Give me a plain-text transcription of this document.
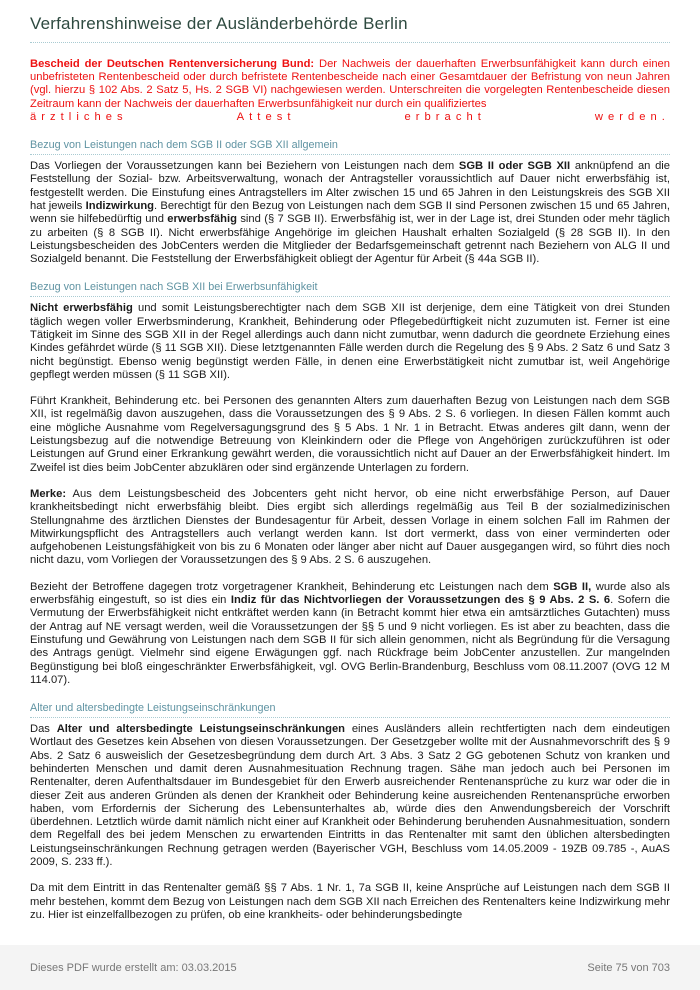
Verfahrenshinweise der Ausländerbehörde Berlin

Bescheid der Deutschen Rentenversicherung Bund: Der Nachweis der dauerhaften Erwerbsunfähigkeit kann durch einen unbefristeten Rentenbescheid oder durch befristete Rentenbescheide nach einer Gesamtdauer der Befristung von neun Jahren (vgl. hierzu § 102 Abs. 2 Satz 5, Hs. 2 SGB VI) nachgewiesen werden. Unterschreiten die vorgelegten Rentenbescheide diesen Zeitraum kann der Nachweis der dauerhaften Erwerbsunfähigkeit nur durch ein qualifiziertes

ärztliches	Attest	erbracht	werden.
Bezug von Leistungen nach dem SGB II oder SGB XII allgemein

Das Vorliegen der Voraussetzungen kann bei Beziehern von Leistungen nach dem SGB II oder SGB XII anknüpfend an die Feststellung der Sozial- bzw. Arbeitsverwaltung, wonach der Antragsteller voraussichtlich auf Dauer nicht erwerbsfähig ist, festgestellt werden. Die Einstufung eines Antragstellers im Alter zwischen 15 und 65 Jahren in den Leistungskreis des SGB XII hat jeweils Indizwirkung. Berechtigt für den Bezug von Leistungen nach dem SGB II sind Personen zwischen 15 und 65 Jahren, wenn sie hilfebedürftig und erwerbsfähig sind (§ 7 SGB II). Erwerbsfähig ist, wer in der Lage ist, drei Stunden oder mehr täglich zu arbeiten (§ 8 SGB II). Nicht erwerbsfähige Angehörige im gleichen Haushalt erhalten Sozialgeld (§ 28 SGB II). In den Leistungsbescheiden des JobCenters werden die Mitglieder der Bedarfsgemeinschaft getrennt nach Beziehern von ALG II und Sozialgeld benannt. Die Feststellung der Erwerbsfähigkeit obliegt der Agentur für Arbeit (§ 44a SGB II).

Bezug von Leistungen nach SGB XII bei Erwerbsunfähigkeit

Nicht erwerbsfähig und somit Leistungsberechtigter nach dem SGB XII ist derjenige, dem eine Tätigkeit von drei Stunden täglich wegen voller Erwerbsminderung, Krankheit, Behinderung oder Pflegebedürftigkeit nicht zuzumuten ist. Ferner ist eine Tätigkeit im Sinne des SGB XII in der Regel allerdings auch dann nicht zumutbar, wenn dadurch die geordnete Erziehung eines Kindes gefährdet würde (§ 11 SGB XII). Diese letztgenannten Fälle werden durch die Regelung des § 9 Abs. 2 Satz 6 und Satz 3 nicht begünstigt. Ebenso wenig begünstigt werden Fälle, in denen eine Erwerbstätigkeit nicht zumutbar ist, weil Angehörige gepflegt werden müssen (§ 11 SGB XII).

Führt Krankheit, Behinderung etc. bei Personen des genannten Alters zum dauerhaften Bezug von Leistungen nach dem SGB XII, ist regelmäßig davon auszugehen, dass die Voraussetzungen des § 9 Abs. 2 S. 6 vorliegen. In diesen Fällen kommt auch eine mögliche Ausnahme vom Regelversagungsgrund des § 5 Abs. 1 Nr. 1 in Betracht. Etwas anderes gilt dann, wenn der Leistungsbezug auf die notwendige Betreuung von Kleinkindern oder die Pflege von Angehörigen zurückzuführen ist oder Leistungen auf Grund einer Erkrankung gewährt werden, die voraussichtlich nicht auf Dauer an der Erwerbsfähigkeit hindert. Im Zweifel ist dies beim JobCenter abzuklären oder sind ergänzende Unterlagen zu fordern.

Merke: Aus dem Leistungsbescheid des Jobcenters geht nicht hervor, ob eine nicht erwerbsfähige Person, auf Dauer krankheitsbedingt nicht erwerbsfähig bleibt. Dies ergibt sich allerdings regelmäßig aus Teil B der sozialmedizinischen Stellungnahme des ärztlichen Dienstes der Bundesagentur für Arbeit, dessen Vorlage in einem solchen Fall im Rahmen der Mitwirkungspflicht des Antragstellers auch verlangt werden kann. Ist dort vermerkt, dass von einer verminderten oder aufgehobenen Leistungsfähigkeit von bis zu 6 Monaten oder länger aber nicht auf Dauer ausgegangen wird, so führt dies noch nicht dazu, vom Vorliegen der Voraussetzungen des § 9 Abs. 2 S. 6 auszugehen.

Bezieht der Betroffene dagegen trotz vorgetragener Krankheit, Behinderung etc Leistungen nach dem SGB II, wurde also als erwerbsfähig eingestuft, so ist dies ein Indiz für das Nichtvorliegen der Voraussetzungen des § 9 Abs. 2 S. 6. Sofern die Vermutung der Erwerbsfähigkeit nicht entkräftet werden kann (in Betracht kommt hier etwa ein amtsärztliches Gutachten) muss der Antrag auf NE versagt werden, weil die Voraussetzungen der §§ 5 und 9 nicht vorliegen. Es ist aber zu beachten, dass die Einstufung und Gewährung von Leistungen nach dem SGB II für sich allein genommen, nicht als Begründung für die Versagung des Antrags genügt. Vielmehr sind eigene Erwägungen ggf. nach Rückfrage beim JobCenter anzustellen. Zur mangelnden Begünstigung bei bloß eingeschränkter Erwerbsfähigkeit, vgl. OVG Berlin-Brandenburg, Beschluss vom 08.11.2007 (OVG 12 M 114.07).

Alter und altersbedingte Leistungseinschränkungen

Das Alter und altersbedingte Leistungseinschränkungen eines Ausländers allein rechtfertigten nach dem eindeutigen Wortlaut des Gesetzes kein Absehen von diesen Voraussetzungen. Der Gesetzgeber wollte mit der Ausnahmevorschrift des § 9 Abs. 2 Satz 6 ausweislich der Gesetzesbegründung dem durch Art. 3 Abs. 3 Satz 2 GG gebotenen Schutz von kranken und behinderten Menschen und damit deren Ausnahmesituation Rechnung tragen. Sähe man jedoch auch bei Personen im Rentenalter, deren Aufenthaltsdauer im Bundesgebiet für den Erwerb ausreichender Rentenansprüche zu kurz war oder die in dieser Zeit aus anderen Gründen als denen der Krankheit oder Behinderung keine ausreichenden Rentenansprüche erworben haben, vom Erfordernis der Sicherung des Lebensunterhaltes ab, würde dies den Anwendungsbereich der Vorschrift überdehnen. Letztlich würde damit nämlich nicht einer auf Krankheit oder Behinderung beruhenden Ausnahmesituation, sondern dem Regelfall des bei jedem Menschen zu erwartenden Eintritts in das Rentenalter mit samt den üblichen altersbedingten Leistungseinschränkungen Rechnung getragen werden (Bayerischer VGH, Beschluss vom 14.05.2009 - 19ZB 09.785 -, AuAS 2009, S. 233 ff.).

Da mit dem Eintritt in das Rentenalter gemäß §§ 7 Abs. 1 Nr. 1, 7a SGB II, keine Ansprüche auf Leistungen nach dem SGB II mehr bestehen, kommt dem Bezug von Leistungen nach dem SGB XII nach Erreichen des Rentenalters keine Indizwirkung mehr zu. Hier ist einzelfallbezogen zu prüfen, ob eine krankheits- oder behinderungsbedingte

Dieses PDF wurde erstellt am: 03.03.2015	Seite 75 von 703
